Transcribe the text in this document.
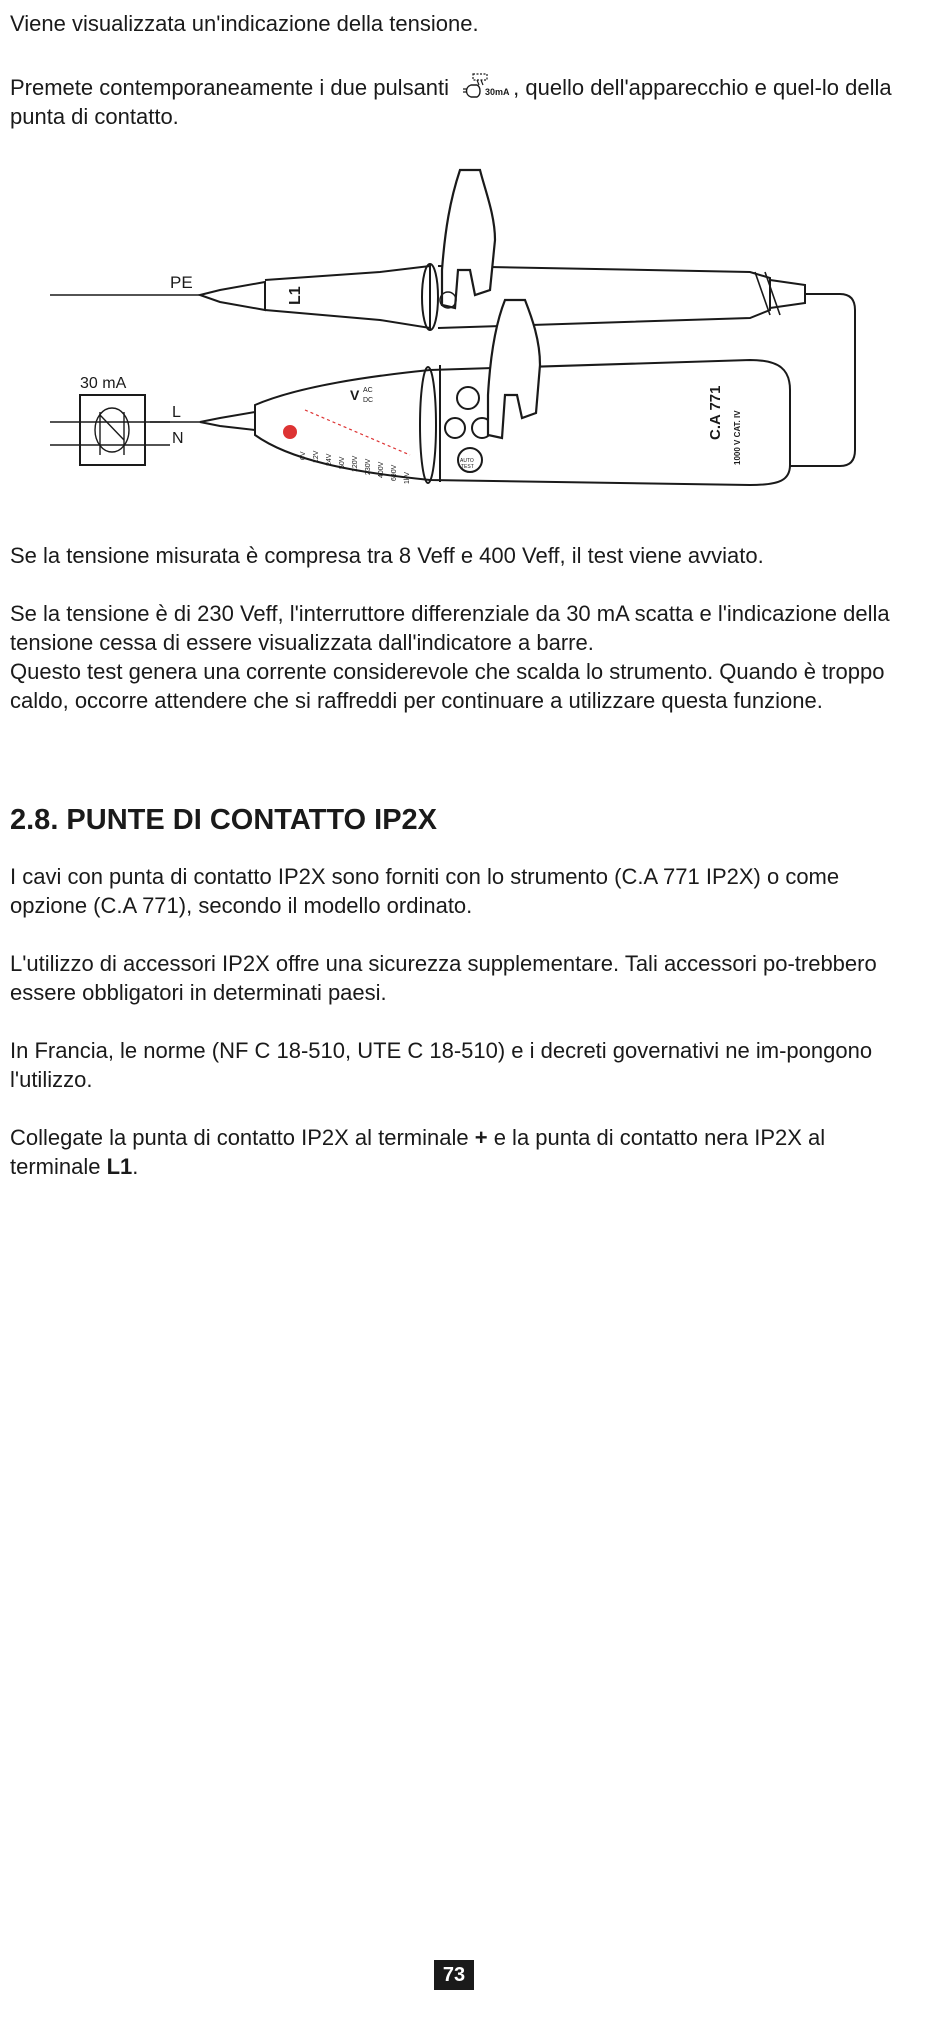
Viene visualizzata un'indicazione della tensione.

Premete contemporaneamente i due pulsanti	30mA , quello dell'apparecchio e quel-lo della punta di contatto.

PE
30 mA
L
N
L1
C.A 771 1000 V CAT. IV
V AC
DC
AUTO
TEST
6V 12V 24V 50V 120V 230V 400V 690V 1kV

Se la tensione misurata è compresa tra 8 Veff e 400 Veff, il test viene avviato.

Se la tensione è di 230 Veff, l'interruttore differenziale da 30 mA scatta e l'indicazione della tensione cessa di essere visualizzata dall'indicatore a barre.

Questo test genera una corrente considerevole che scalda lo strumento. Quando è troppo caldo, occorre attendere che si raffreddi per continuare a utilizzare questa funzione.

2.8. PUNTE DI CONTATTO IP2X

I cavi con punta di contatto IP2X sono forniti con lo strumento (C.A 771 IP2X) o come opzione (C.A 771), secondo il modello ordinato.

L'utilizzo di accessori IP2X offre una sicurezza supplementare. Tali accessori po-trebbero essere obbligatori in determinati paesi.

In Francia, le norme (NF C 18-510, UTE C 18-510) e i decreti governativi ne im-pongono l'utilizzo.

Collegate la punta di contatto IP2X al terminale + e la punta di contatto nera IP2X al terminale L1.

73
